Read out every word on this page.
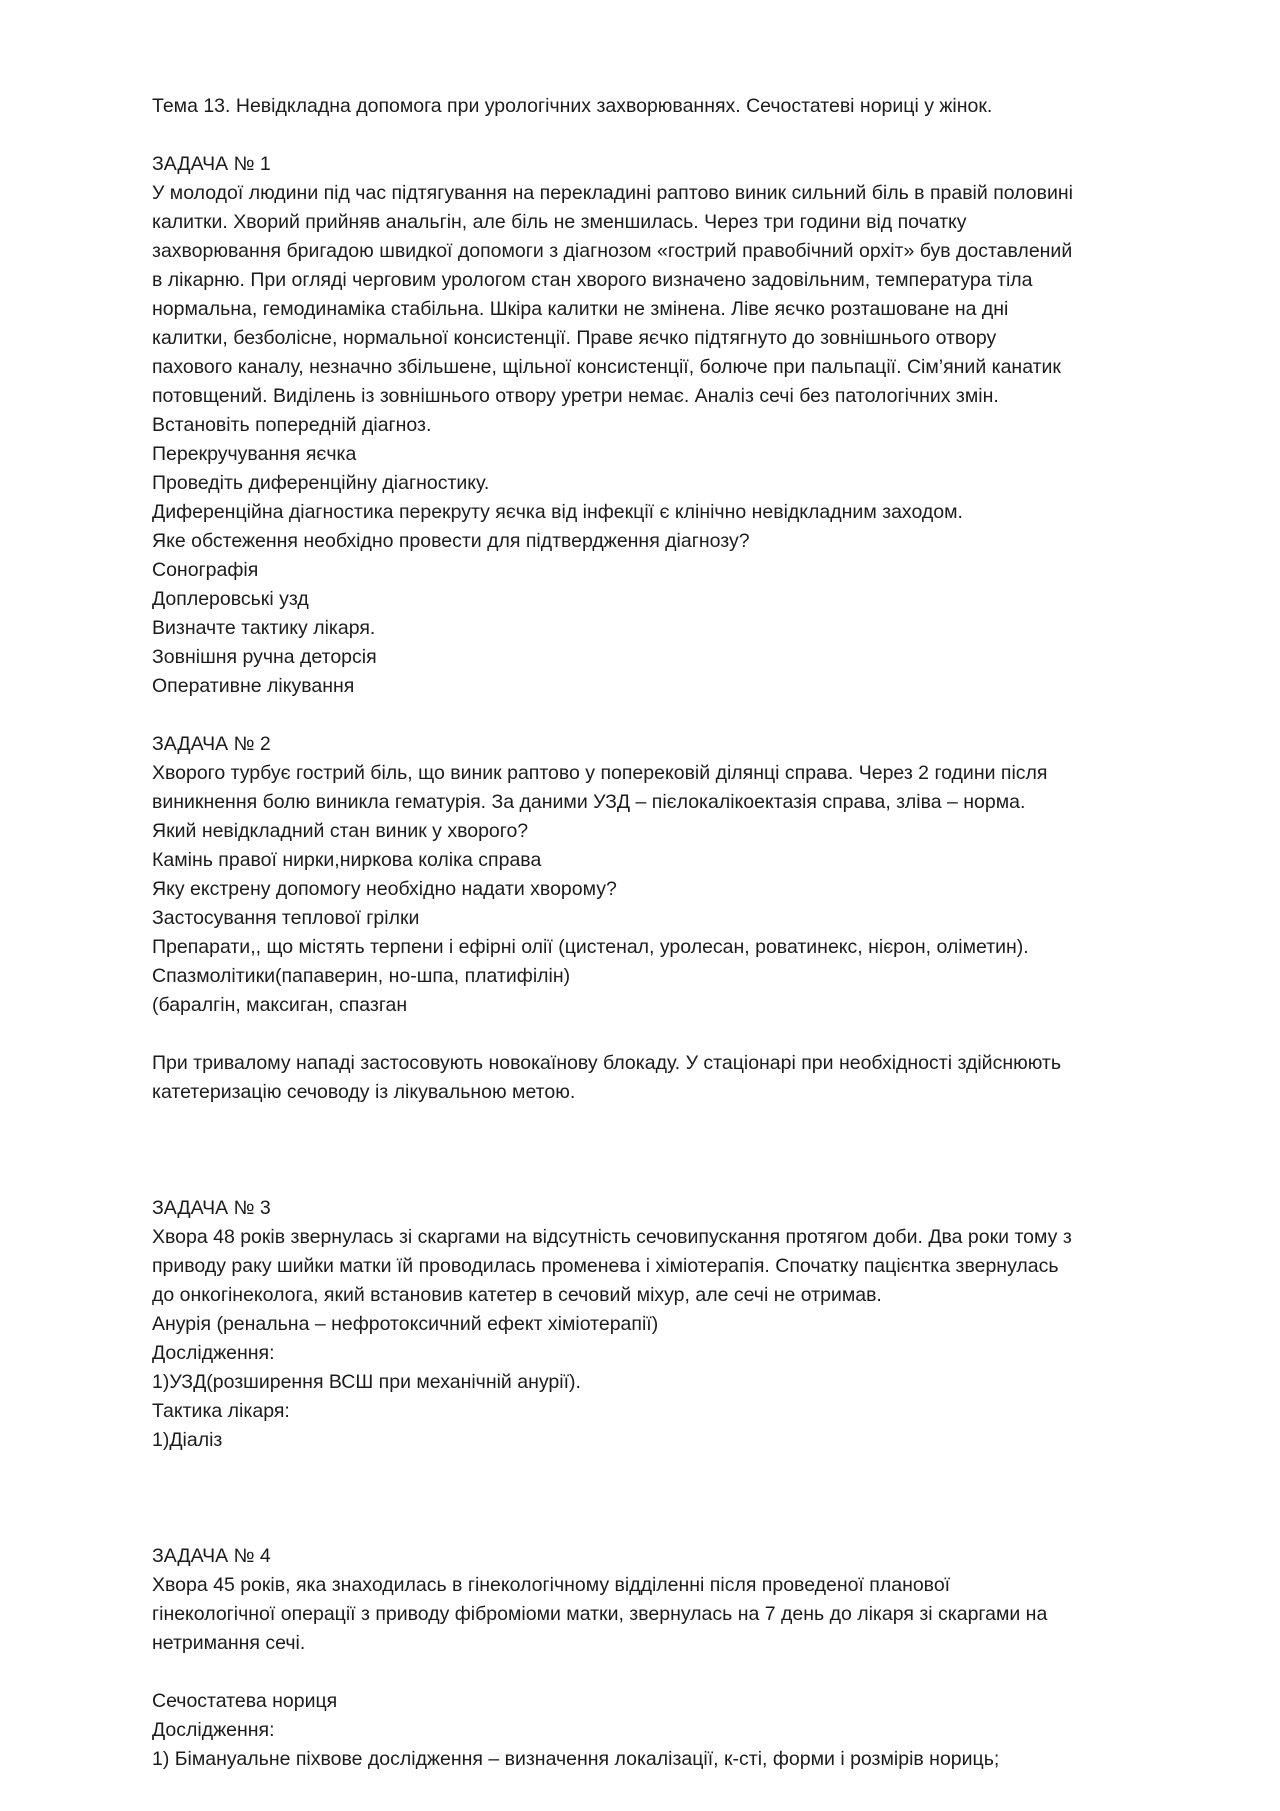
Тема 13. Невідкладна допомога при урологічних захворюваннях. Сечостатеві нориці у жінок.
ЗАДАЧА № 1
У молодої людини під час підтягування на перекладині раптово виник сильний біль в правій половині
калитки. Хворий прийняв анальгін, але біль не зменшилась. Через три години від початку
захворювання бригадою швидкої допомоги з діагнозом «гострий правобічний орхіт» був доставлений
в лікарню. При огляді черговим урологом стан хворого визначено задовільним, температура тіла
нормальна, гемодинаміка стабільна. Шкіра калитки не змінена. Ліве яєчко розташоване на дні
калитки, безболісне, нормальної консистенції. Праве яєчко підтягнуто до зовнішнього отвору
пахового каналу, незначно збільшене, щільної консистенції, болюче при пальпації. Сім’яний канатик
потовщений. Виділень із зовнішнього отвору уретри немає. Аналіз сечі без патологічних змін.
Встановіть попередній діагноз.
Перекручування яєчка
Проведіть диференційну діагностику.
Диференційна діагностика перекруту яєчка від інфекції є клінічно невідкладним заходом.
Яке обстеження необхідно провести для підтвердження діагнозу?
Сонографія
Доплеровські узд
Визначте тактику лікаря.
Зовнішня ручна деторсія
Оперативне лікування
ЗАДАЧА № 2
Хворого турбує гострий біль, що виник раптово у поперековій ділянці справа. Через 2 години після
виникнення болю виникла гематурія. За даними УЗД – пієлокалікоектазія справа, зліва – норма.
Який невідкладний стан виник у хворого?
Камінь правої нирки,ниркова коліка справа
Яку екстрену допомогу необхідно надати хворому?
Застосування теплової грілки
Препарати,, що містять терпени і ефірні олії (цистенал, уролесан, роватинекс, нієрон, оліметин).
Спазмолітики(папаверин, но-шпа, платифілін)
(баралгін, максиган, спазган
При тривалому нападі застосовують новокаїнову блокаду. У стаціонарі при необхідності здійснюють
катетеризацію сечоводу із лікувальною метою.
ЗАДАЧА № 3
Хвора 48 років звернулась зі скаргами на відсутність сечовипускання протягом доби. Два роки тому з
приводу раку шийки матки їй проводилась променева і хіміотерапія. Спочатку пацієнтка звернулась
до онкогінеколога, який встановив катетер в сечовий міхур, але сечі не отримав.
Анурія (ренальна – нефротоксичний ефект хіміотерапії)
Дослідження:
1)УЗД(розширення ВСШ при механічній анурії).
Тактика лікаря:
1)Діаліз
ЗАДАЧА № 4
Хвора 45 років, яка знаходилась в гінекологічному відділенні після проведеної планової
гінекологічної операції з приводу фіброміоми матки, звернулась на 7 день до лікаря зі скаргами на
нетримання сечі.
Сечостатева нориця
Дослідження:
1) Бімануальне піхвове дослідження – визначення локалізації, к-сті, форми і розмірів нориць;
